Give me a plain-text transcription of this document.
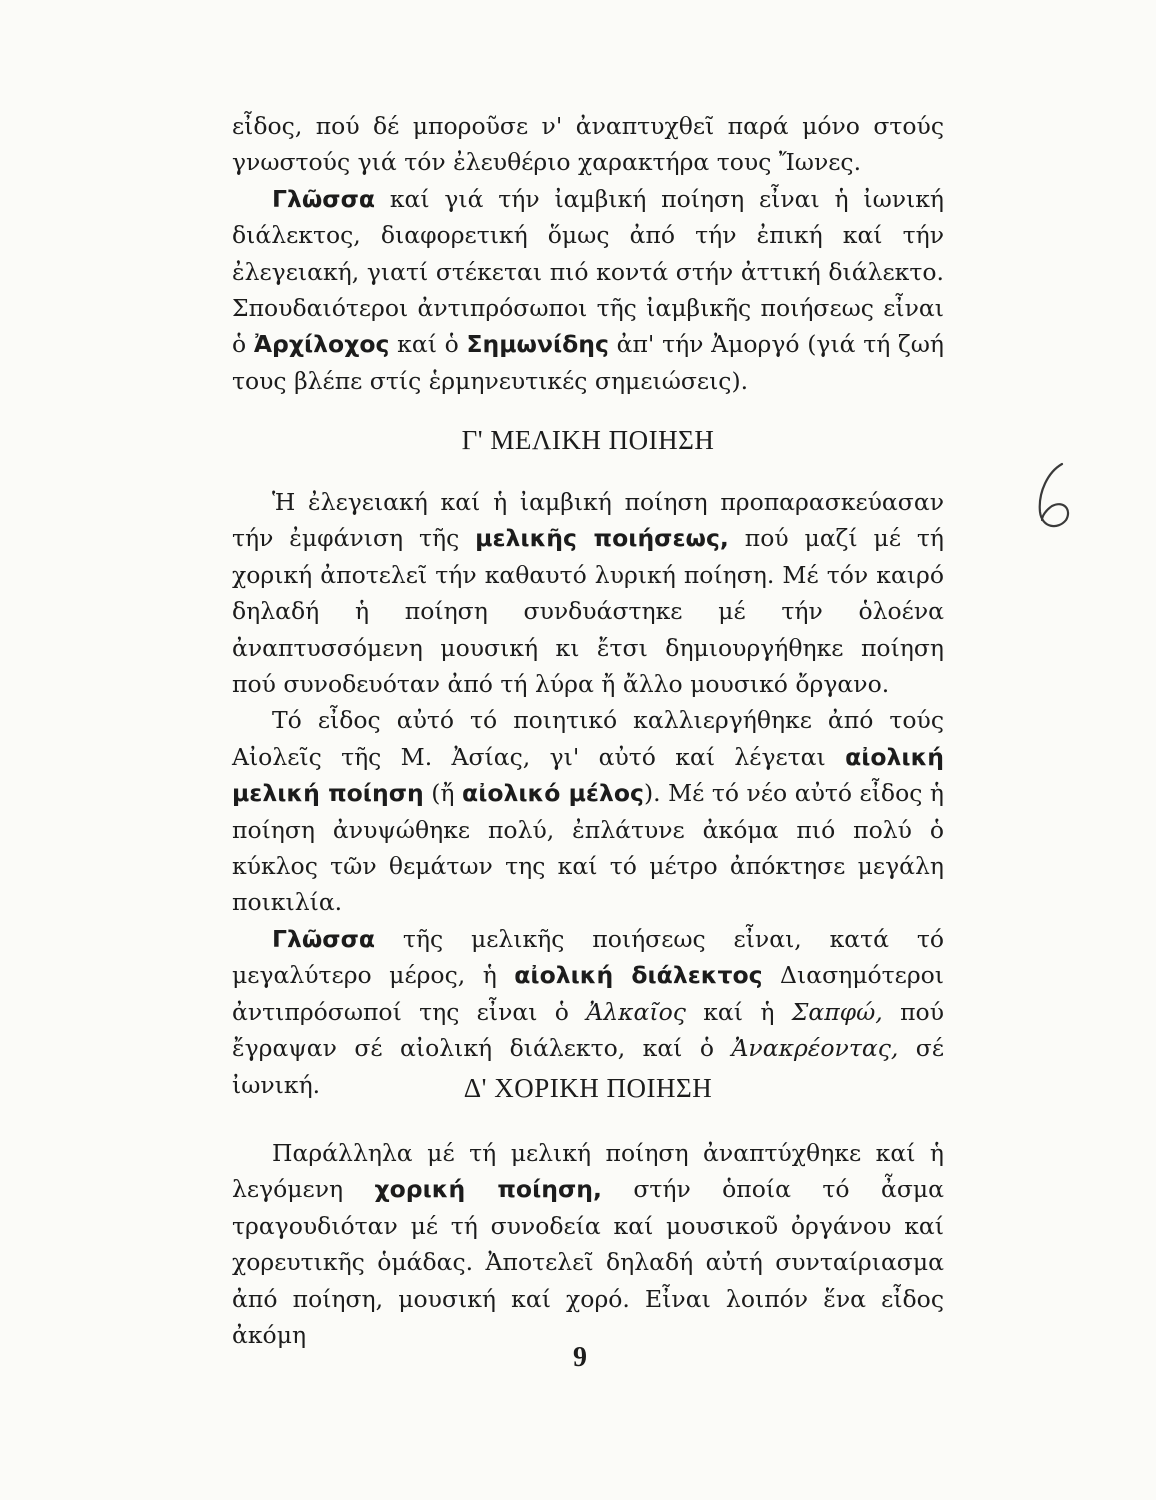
εἶδος, πού δέ μποροῦσε ν' ἀναπτυχθεῖ παρά μόνο στούς γνωστούς γιά τόν ἐλευθέριο χαρακτήρα τους Ἴωνες.

Γλῶσσα καί γιά τήν ἰαμβική ποίηση εἶναι ἡ ἰωνική διάλεκτος, διαφορετική ὅμως ἀπό τήν ἐπική καί τήν ἐλεγειακή, γιατί στέκεται πιό κοντά στήν ἀττική διάλεκτο. Σπουδαιότεροι ἀντιπρόσωποι τῆς ἰαμβικῆς ποιήσεως εἶναι ὁ Ἀρχίλοχος καί ὁ Σημωνίδης ἀπ' τήν Ἀμοργό (γιά τή ζωή τους βλέπε στίς ἑρμηνευτικές σημειώσεις).

Γ' ΜΕΛΙΚΗ ΠΟΙΗΣΗ

Ἡ ἐλεγειακή καί ἡ ἰαμβική ποίηση προπαρασκεύασαν τήν ἐμφάνιση τῆς μελικῆς ποιήσεως, πού μαζί μέ τή χορική ἀποτελεῖ τήν καθαυτό λυρική ποίηση. Μέ τόν καιρό δηλαδή ἡ ποίηση συνδυάστηκε μέ τήν ὁλοένα ἀναπτυσσόμενη μουσική κι ἔτσι δημιουργήθηκε ποίηση πού συνοδευόταν ἀπό τή λύρα ἤ ἄλλο μουσικό ὄργανο.

Τό εἶδος αὐτό τό ποιητικό καλλιεργήθηκε ἀπό τούς Αἰολεῖς τῆς Μ. Ἀσίας, γι' αὐτό καί λέγεται αἰολική μελική ποίηση (ἤ αἰολικό μέλος). Μέ τό νέο αὐτό εἶδος ἡ ποίηση ἀνυψώθηκε πολύ, ἐπλάτυνε ἀκόμα πιό πολύ ὁ κύκλος τῶν θεμάτων της καί τό μέτρο ἀπόκτησε μεγάλη ποικιλία.

Γλῶσσα τῆς μελικῆς ποιήσεως εἶναι, κατά τό μεγαλύτερο μέρος, ἡ αἰολική διάλεκτος Διασημότεροι ἀντιπρόσωποί της εἶναι ὁ Ἀλκαῖος καί ἡ Σαπφώ, πού ἔγραψαν σέ αἰολική διάλεκτο, καί ὁ Ἀνακρέοντας, σέ ἰωνική.	Δ' ΧΟΡΙΚΗ ΠΟΙΗΣΗ

Παράλληλα μέ τή μελική ποίηση ἀναπτύχθηκε καί ἡ λεγόμενη χορική ποίηση, στήν ὁποία τό ἆσμα τραγουδιόταν μέ τή συνοδεία καί μουσικοῦ ὀργάνου καί χορευτικῆς ὁμάδας. Ἀποτελεῖ δηλαδή αὐτή συνταίριασμα ἀπό ποίηση, μουσική καί χορό. Εἶναι λοιπόν ἕνα εἶδος ἀκόμη

9
